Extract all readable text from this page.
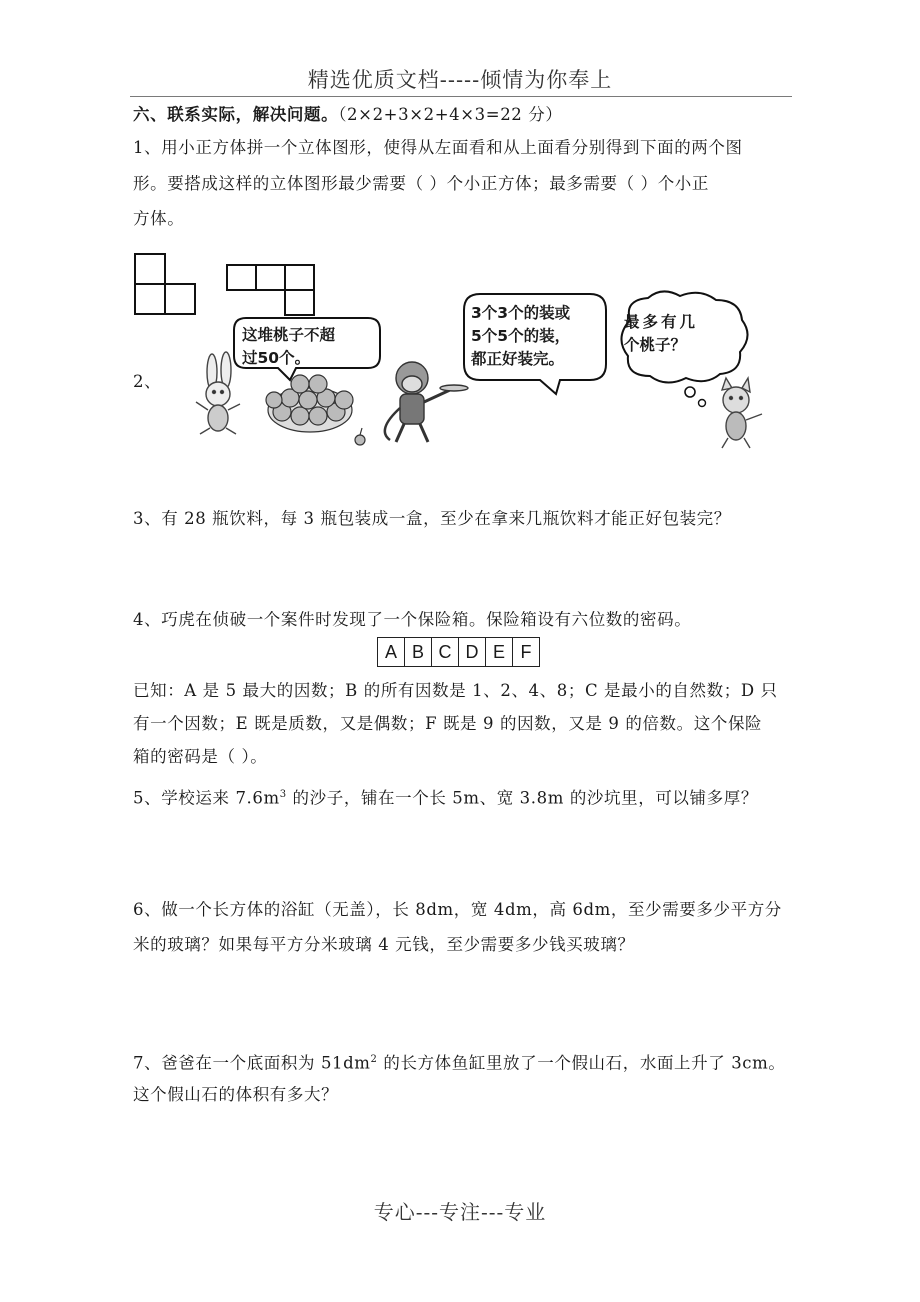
精选优质文档-----倾情为你奉上
六、联系实际，解决问题。（2×2+3×2+4×3=22 分）
1、用小正方体拼一个立体图形，使得从左面看和从上面看分别得到下面的两个图
形。要搭成这样的立体图形最少需要（ ）个小正方体；最多需要（ ）个小正
方体。
2、
这堆桃子不超
过50个。
3个3个的装或
5个5个的装，
都正好装完。
最多有几
个桃子？
3、有 28 瓶饮料，每 3 瓶包装成一盒，至少在拿来几瓶饮料才能正好包装完？
4、巧虎在侦破一个案件时发现了一个保险箱。保险箱设有六位数的密码。
A	B	C	D	E	F
已知：A 是 5 最大的因数；B 的所有因数是 1、2、4、8；C 是最小的自然数；D 只
有一个因数；E 既是质数，又是偶数；F 既是 9 的因数，又是 9 的倍数。这个保险
箱的密码是（ ）。
5、学校运来 $7.6m^3$ 的沙子，铺在一个长 5m、宽 3.8m 的沙坑里，可以铺多厚？
6、做一个长方体的浴缸（无盖），长 8dm，宽 4dm，高 6dm，至少需要多少平方分
米的玻璃？如果每平方分米玻璃 4 元钱，至少需要多少钱买玻璃？
7、爸爸在一个底面积为 $51dm^2$ 的长方体鱼缸里放了一个假山石，水面上升了 3cm。
这个假山石的体积有多大？
专心---专注---专业
